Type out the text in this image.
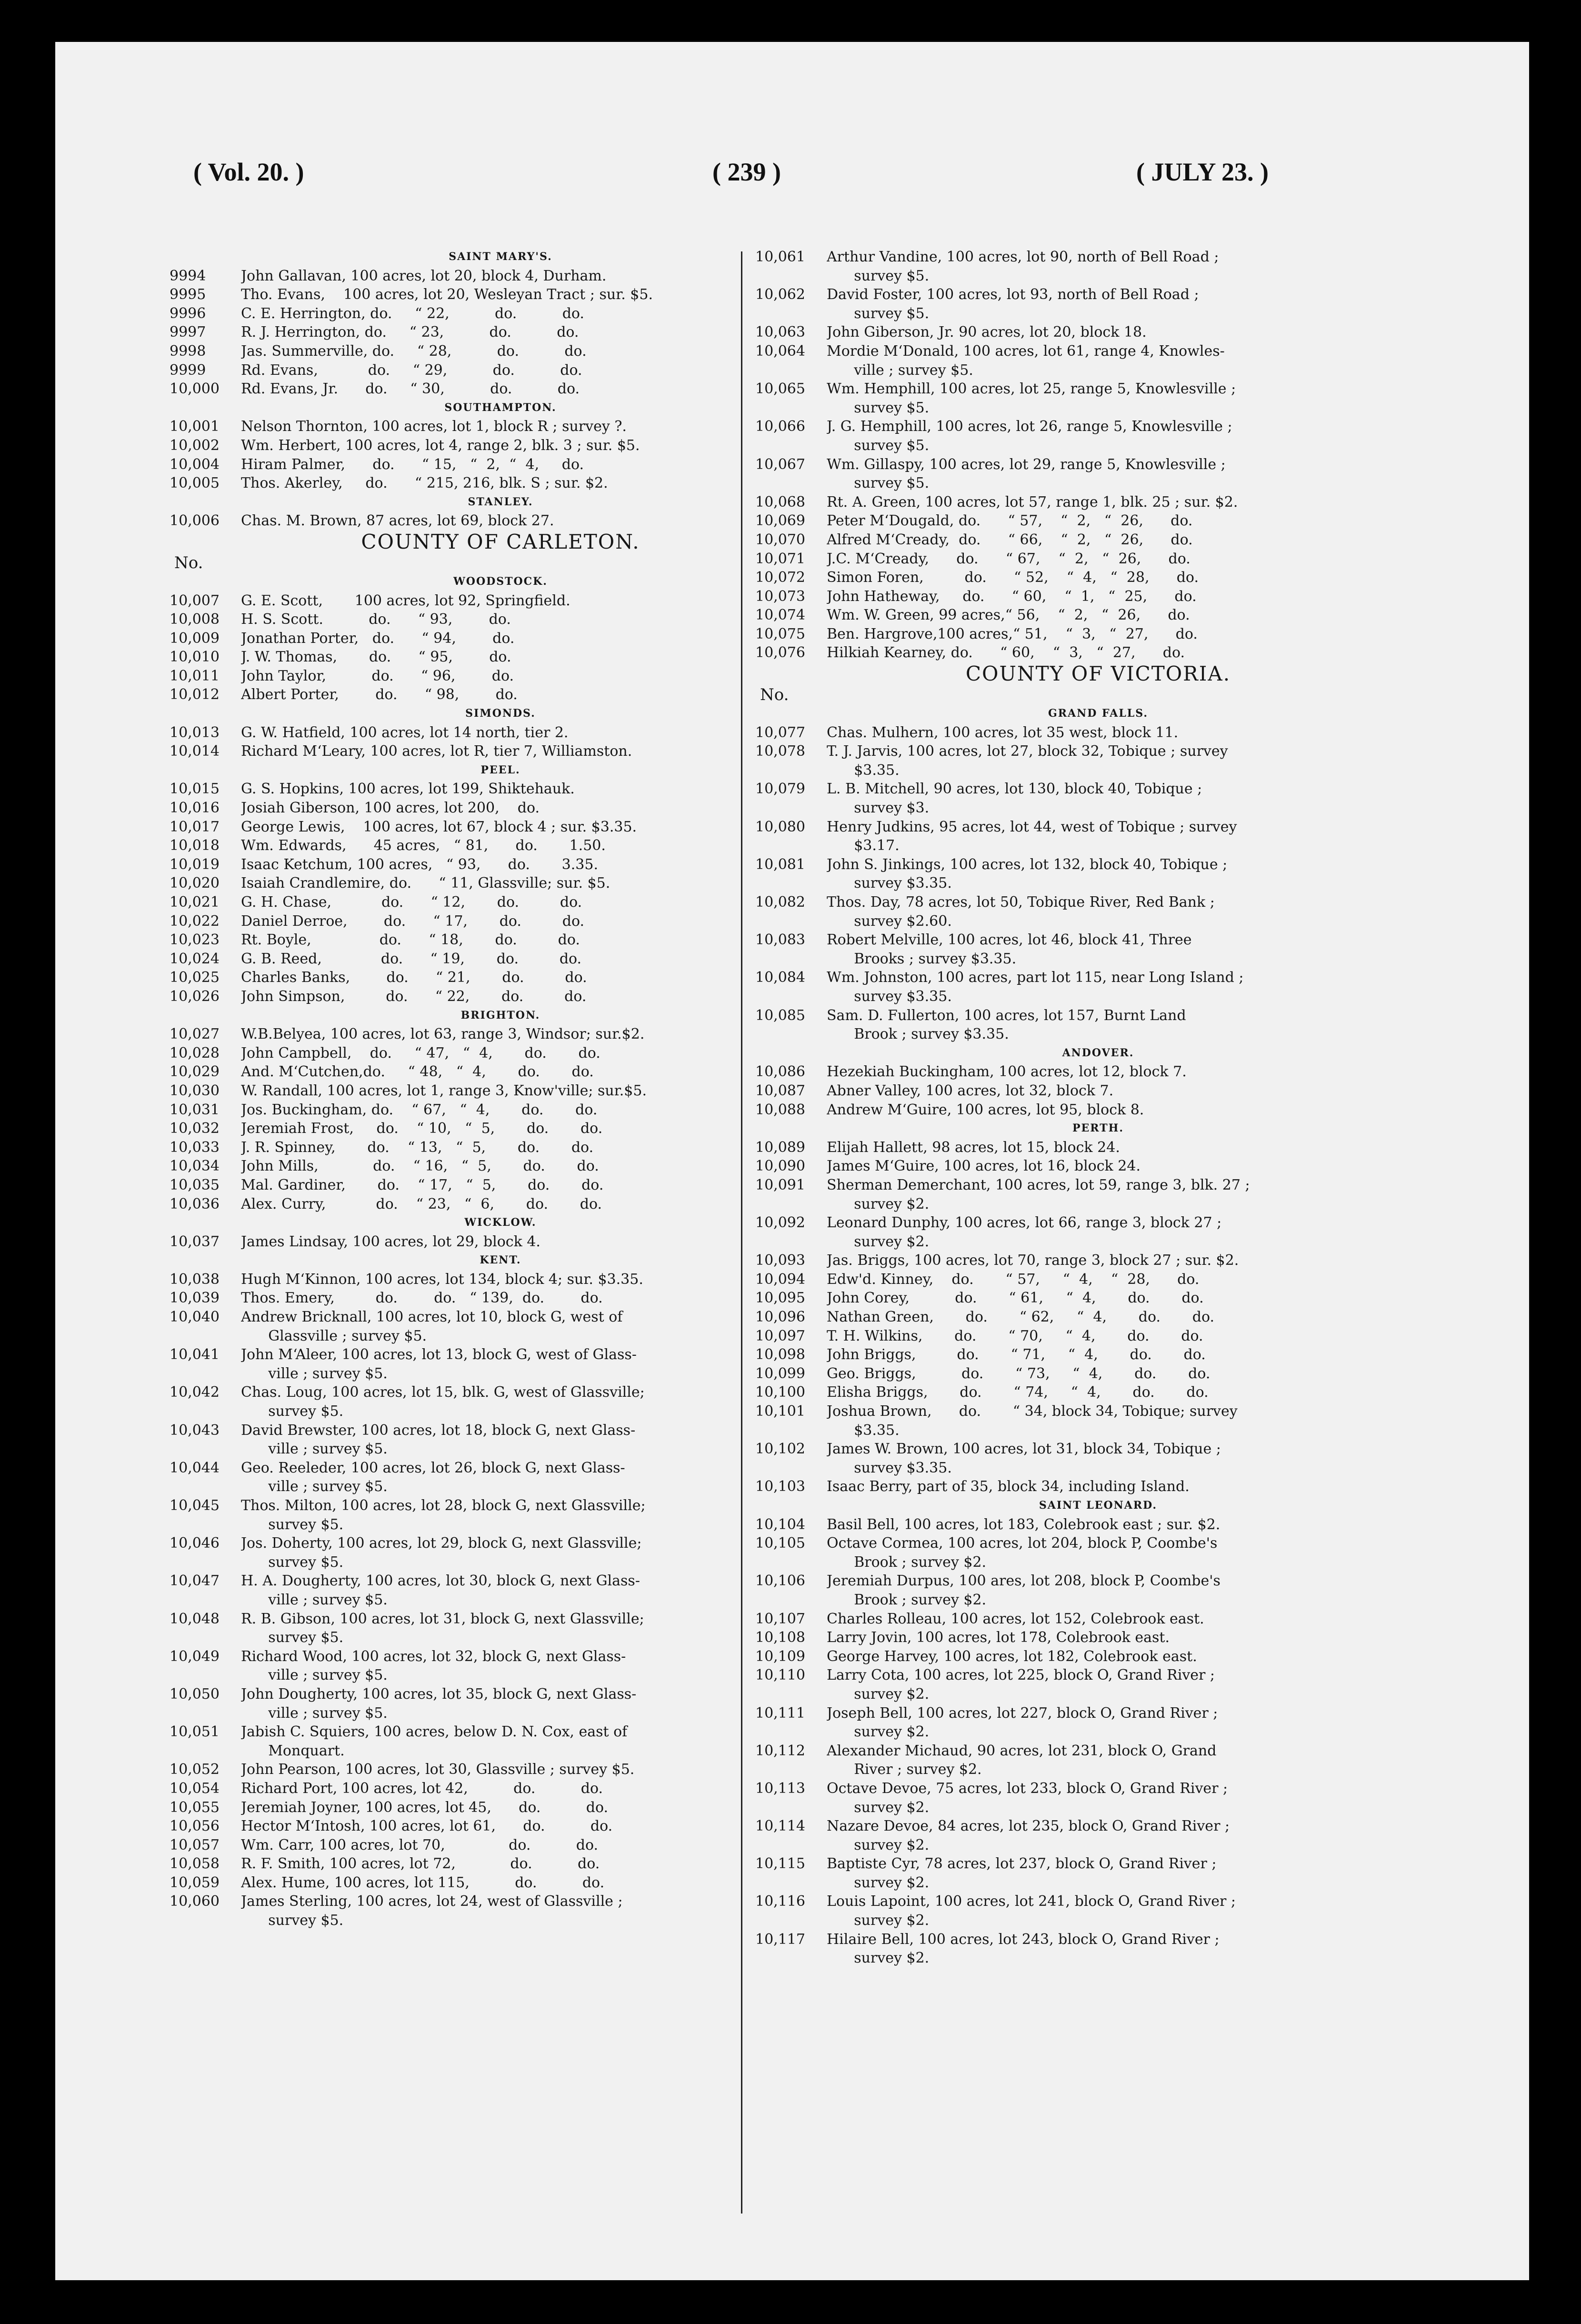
( Vol. 20. )	( 239 )	( JULY 23. )
SAINT MARY'S.
9994	John Gallavan, 100 acres, lot 20, block 4, Durham.
9995	Tho. Evans,    100 acres, lot 20, Wesleyan Tract ; sur. $5.
9996	C. E. Herrington, do.     “ 22,          do.          do.
9997	R. J. Herrington, do.     “ 23,          do.          do.
9998	Jas. Summerville, do.     “ 28,          do.          do.
9999	Rd. Evans,           do.     “ 29,          do.          do.
10,000	Rd. Evans, Jr.      do.     “ 30,          do.          do.
SOUTHAMPTON.
10,001	Nelson Thornton, 100 acres, lot 1, block R ; survey ?.
10,002	Wm. Herbert, 100 acres, lot 4, range 2, blk. 3 ; sur. $5.
10,004	Hiram Palmer,      do.      “ 15,   “  2,  “  4,     do.
10,005	Thos. Akerley,     do.      “ 215, 216, blk. S ; sur. $2.
STANLEY.
10,006	Chas. M. Brown, 87 acres, lot 69, block 27.
COUNTY OF CARLETON.
No.
WOODSTOCK.
10,007	G. E. Scott,       100 acres, lot 92, Springfield.
10,008	H. S. Scott.          do.      “ 93,        do.
10,009	Jonathan Porter,   do.      “ 94,        do.
10,010	J. W. Thomas,       do.      “ 95,        do.
10,011	John Taylor,          do.      “ 96,        do.
10,012	Albert Porter,        do.      “ 98,        do.
SIMONDS.
10,013	G. W. Hatfield, 100 acres, lot 14 north, tier 2.
10,014	Richard M‘Leary, 100 acres, lot R, tier 7, Williamston.
PEEL.
10,015	G. S. Hopkins, 100 acres, lot 199, Shiktehauk.
10,016	Josiah Giberson, 100 acres, lot 200,    do.
10,017	George Lewis,    100 acres, lot 67, block 4 ; sur. $3.35.
10,018	Wm. Edwards,      45 acres,   “ 81,      do.       1.50.
10,019	Isaac Ketchum, 100 acres,   “ 93,      do.       3.35.
10,020	Isaiah Crandlemire, do.      “ 11, Glassville; sur. $5.
10,021	G. H. Chase,           do.      “ 12,       do.         do.
10,022	Daniel Derroe,        do.      “ 17,       do.         do.
10,023	Rt. Boyle,               do.      “ 18,       do.         do.
10,024	G. B. Reed,             do.      “ 19,       do.         do.
10,025	Charles Banks,        do.      “ 21,       do.         do.
10,026	John Simpson,         do.      “ 22,       do.         do.
BRIGHTON.
10,027	W.B.Belyea, 100 acres, lot 63, range 3, Windsor; sur.$2.
10,028	John Campbell,    do.     “ 47,   “  4,       do.       do.
10,029	And. M‘Cutchen,do.     “ 48,   “  4,       do.       do.
10,030	W. Randall, 100 acres, lot 1, range 3, Know'ville; sur.$5.
10,031	Jos. Buckingham, do.    “ 67,   “  4,       do.       do.
10,032	Jeremiah Frost,     do.    “ 10,   “  5,       do.       do.
10,033	J. R. Spinney,       do.    “ 13,   “  5,       do.       do.
10,034	John Mills,            do.    “ 16,   “  5,       do.       do.
10,035	Mal. Gardiner,       do.    “ 17,   “  5,       do.       do.
10,036	Alex. Curry,           do.    “ 23,   “  6,       do.       do.
WICKLOW.
10,037	James Lindsay, 100 acres, lot 29, block 4.
KENT.
10,038	Hugh M‘Kinnon, 100 acres, lot 134, block 4; sur. $3.35.
10,039	Thos. Emery,         do.        do.   “ 139,  do.        do.
10,040	Andrew Bricknall, 100 acres, lot 10, block G, west of
Glassville ; survey $5.
10,041	John M‘Aleer, 100 acres, lot 13, block G, west of Glass-
ville ; survey $5.
10,042	Chas. Loug, 100 acres, lot 15, blk. G, west of Glassville;
survey $5.
10,043	David Brewster, 100 acres, lot 18, block G, next Glass-
ville ; survey $5.
10,044	Geo. Reeleder, 100 acres, lot 26, block G, next Glass-
ville ; survey $5.
10,045	Thos. Milton, 100 acres, lot 28, block G, next Glassville;
survey $5.
10,046	Jos. Doherty, 100 acres, lot 29, block G, next Glassville;
survey $5.
10,047	H. A. Dougherty, 100 acres, lot 30, block G, next Glass-
ville ; survey $5.
10,048	R. B. Gibson, 100 acres, lot 31, block G, next Glassville;
survey $5.
10,049	Richard Wood, 100 acres, lot 32, block G, next Glass-
ville ; survey $5.
10,050	John Dougherty, 100 acres, lot 35, block G, next Glass-
ville ; survey $5.
10,051	Jabish C. Squiers, 100 acres, below D. N. Cox, east of
Monquart.
10,052	John Pearson, 100 acres, lot 30, Glassville ; survey $5.
10,054	Richard Port, 100 acres, lot 42,          do.          do.
10,055	Jeremiah Joyner, 100 acres, lot 45,      do.          do.
10,056	Hector M‘Intosh, 100 acres, lot 61,      do.          do.
10,057	Wm. Carr, 100 acres, lot 70,              do.          do.
10,058	R. F. Smith, 100 acres, lot 72,            do.          do.
10,059	Alex. Hume, 100 acres, lot 115,          do.          do.
10,060	James Sterling, 100 acres, lot 24, west of Glassville ;
survey $5.
10,061	Arthur Vandine, 100 acres, lot 90, north of Bell Road ;
survey $5.
10,062	David Foster, 100 acres, lot 93, north of Bell Road ;
survey $5.
10,063	John Giberson, Jr. 90 acres, lot 20, block 18.
10,064	Mordie M‘Donald, 100 acres, lot 61, range 4, Knowles-
ville ; survey $5.
10,065	Wm. Hemphill, 100 acres, lot 25, range 5, Knowlesville ;
survey $5.
10,066	J. G. Hemphill, 100 acres, lot 26, range 5, Knowlesville ;
survey $5.
10,067	Wm. Gillaspy, 100 acres, lot 29, range 5, Knowlesville ;
survey $5.
10,068	Rt. A. Green, 100 acres, lot 57, range 1, blk. 25 ; sur. $2.
10,069	Peter M‘Dougald, do.      “ 57,    “  2,   “  26,      do.
10,070	Alfred M‘Cready,  do.      “ 66,    “  2,   “  26,      do.
10,071	J.C. M‘Cready,      do.      “ 67,    “  2,   “  26,      do.
10,072	Simon Foren,         do.      “ 52,    “  4,   “  28,      do.
10,073	John Hatheway,     do.      “ 60,    “  1,   “  25,      do.
10,074	Wm. W. Green, 99 acres,“ 56,    “  2,   “  26,      do.
10,075	Ben. Hargrove,100 acres,“ 51,    “  3,   “  27,      do.
10,076	Hilkiah Kearney, do.      “ 60,    “  3,   “  27,      do.
COUNTY OF VICTORIA.
No.
GRAND FALLS.
10,077	Chas. Mulhern, 100 acres, lot 35 west, block 11.
10,078	T. J. Jarvis, 100 acres, lot 27, block 32, Tobique ; survey
$3.35.
10,079	L. B. Mitchell, 90 acres, lot 130, block 40, Tobique ;
survey $3.
10,080	Henry Judkins, 95 acres, lot 44, west of Tobique ; survey
$3.17.
10,081	John S. Jinkings, 100 acres, lot 132, block 40, Tobique ;
survey $3.35.
10,082	Thos. Day, 78 acres, lot 50, Tobique River, Red Bank ;
survey $2.60.
10,083	Robert Melville, 100 acres, lot 46, block 41, Three
Brooks ; survey $3.35.
10,084	Wm. Johnston, 100 acres, part lot 115, near Long Island ;
survey $3.35.
10,085	Sam. D. Fullerton, 100 acres, lot 157, Burnt Land
Brook ; survey $3.35.
ANDOVER.
10,086	Hezekiah Buckingham, 100 acres, lot 12, block 7.
10,087	Abner Valley, 100 acres, lot 32, block 7.
10,088	Andrew M‘Guire, 100 acres, lot 95, block 8.
PERTH.
10,089	Elijah Hallett, 98 acres, lot 15, block 24.
10,090	James M‘Guire, 100 acres, lot 16, block 24.
10,091	Sherman Demerchant, 100 acres, lot 59, range 3, blk. 27 ;
survey $2.
10,092	Leonard Dunphy, 100 acres, lot 66, range 3, block 27 ;
survey $2.
10,093	Jas. Briggs, 100 acres, lot 70, range 3, block 27 ; sur. $2.
10,094	Edw'd. Kinney,    do.       “ 57,     “  4,    “  28,      do.
10,095	John Corey,          do.       “ 61,     “  4,       do.       do.
10,096	Nathan Green,       do.       “ 62,     “  4,       do.       do.
10,097	T. H. Wilkins,       do.       “ 70,     “  4,       do.       do.
10,098	John Briggs,         do.       “ 71,     “  4,       do.       do.
10,099	Geo. Briggs,          do.       “ 73,     “  4,       do.       do.
10,100	Elisha Briggs,       do.       “ 74,     “  4,       do.       do.
10,101	Joshua Brown,      do.       “ 34, block 34, Tobique; survey
$3.35.
10,102	James W. Brown, 100 acres, lot 31, block 34, Tobique ;
survey $3.35.
10,103	Isaac Berry, part of 35, block 34, including Island.
SAINT LEONARD.
10,104	Basil Bell, 100 acres, lot 183, Colebrook east ; sur. $2.
10,105	Octave Cormea, 100 acres, lot 204, block P, Coombe's
Brook ; survey $2.
10,106	Jeremiah Durpus, 100 ares, lot 208, block P, Coombe's
Brook ; survey $2.
10,107	Charles Rolleau, 100 acres, lot 152, Colebrook east.
10,108	Larry Jovin, 100 acres, lot 178, Colebrook east.
10,109	George Harvey, 100 acres, lot 182, Colebrook east.
10,110	Larry Cota, 100 acres, lot 225, block O, Grand River ;
survey $2.
10,111	Joseph Bell, 100 acres, lot 227, block O, Grand River ;
survey $2.
10,112	Alexander Michaud, 90 acres, lot 231, block O, Grand
River ; survey $2.
10,113	Octave Devoe, 75 acres, lot 233, block O, Grand River ;
survey $2.
10,114	Nazare Devoe, 84 acres, lot 235, block O, Grand River ;
survey $2.
10,115	Baptiste Cyr, 78 acres, lot 237, block O, Grand River ;
survey $2.
10,116	Louis Lapoint, 100 acres, lot 241, block O, Grand River ;
survey $2.
10,117	Hilaire Bell, 100 acres, lot 243, block O, Grand River ;
survey $2.
